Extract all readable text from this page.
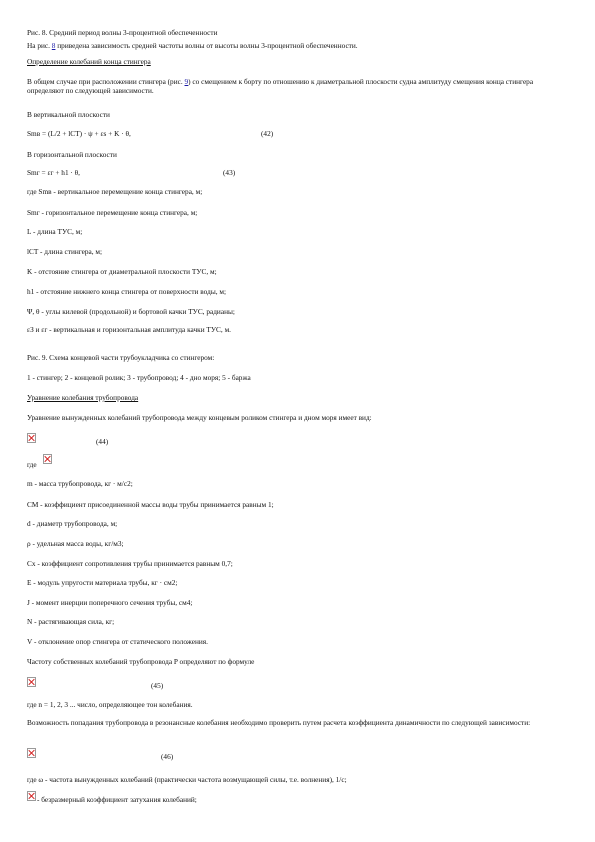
Рис. 8. Средний период волны 3-процентной обеспеченности
На рис. 8 приведена зависимость средней частоты волны от высоты волны 3-процентной обеспеченности.
Определение колебаний конца стингера
В общем случае при расположении стингера (рис. 9) со смещением к борту по отношению к диаметральной плоскости судна амплитуду смещения конца стингера определяют по следующей зависимости.
В вертикальной плоскости
Smв = (L/2 + lCT) · ψ + εs + K · θ,	(42)
В горизонтальной плоскости
Smг = εг + h1 · θ,	(43)
где Smв - вертикальное перемещение конца стингера, м;
Smг - горизонтальное перемещение конца стингера, м;
L - длина ТУС, м;
lCT - длина стингера, м;
K - отстояние стингера от диаметральной плоскости ТУС, м;
h1 - отстояние нижнего конца стингера от поверхности воды, м;
Ψ, θ - углы килевой (продольной) и бортовой качки ТУС, радианы;
εЗ и εг - вертикальная и горизонтальная амплитуда качки ТУС, м.
Рис. 9. Схема концевой части трубоукладчика со стингером:
1 - стингер; 2 - концевой ролик; 3 - трубопровод; 4 - дно моря; 5 - баржа
Уравнение колебания трубопровода
Уравнение вынужденных колебаний трубопровода между концевым роликом стингера и дном моря имеет вид:
(44)
где
m - масса трубопровода, кг · м/с2;
CM - коэффициент присоединенной массы воды трубы принимается равным 1;
d - диаметр трубопровода, м;
ρ - удельная масса воды, кг/м3;
Cx - коэффициент сопротивления трубы принимается равным 0,7;
E - модуль упругости материала трубы, кг · см2;
J - момент инерции поперечного сечения трубы, см4;
N - растягивающая сила, кг;
V - отклонение опор стингера от статического положения.
Частоту собственных колебаний трубопровода P определяют по формуле
(45)
где n = 1, 2, 3 ... число, определяющее тон колебания.
Возможность попадания трубопровода в резонансные колебания необходимо проверить путем расчета коэффициента динамичности по следующей зависимости:
(46)
где ω - частота вынужденных колебаний (практически частота возмущающей силы, т.е. волнения), 1/с;
- безразмерный коэффициент затухания колебаний;
